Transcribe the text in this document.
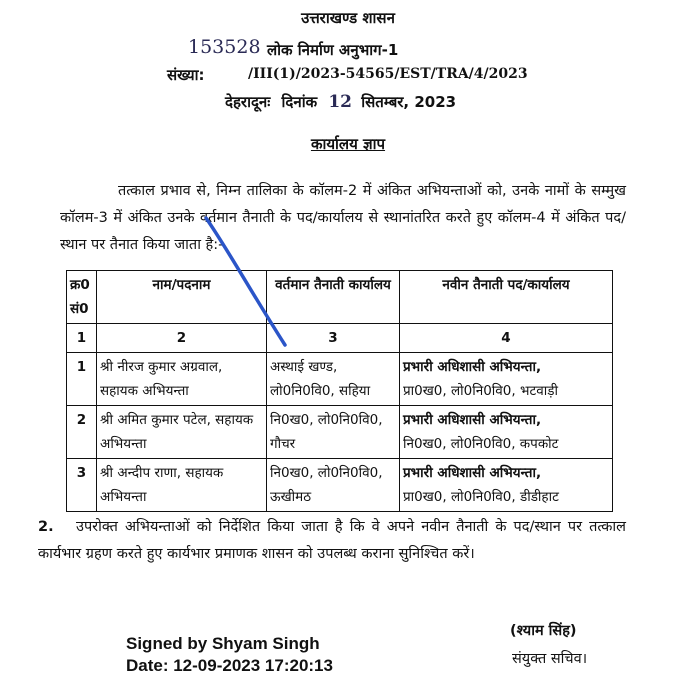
उत्तराखण्ड शासन
153528 लोक निर्माण अनुभाग-1
संख्या:	/III(1)/2023-54565/EST/TRA/4/2023
देहरादूनः दिनांक 12 सितम्बर, 2023
कार्यालय ज्ञाप
तत्काल प्रभाव से, निम्न तालिका के कॉलम-2 में अंकित अभियन्ताओं को, उनके नामों के सम्मुख कॉलम-3 में अंकित उनके वर्तमान तैनाती के पद/कार्यालय से स्थानांतरित करते हुए कॉलम-4 में अंकित पद/स्थान पर तैनात किया जाता है:-
क्र0 सं0	नाम/पदनाम	वर्तमान तैनाती कार्यालय	नवीन तैनाती पद/कार्यालय
1	2	3	4
1	श्री नीरज कुमार अग्रवाल, सहायक अभियन्ता	अस्थाई खण्ड, लो0नि0वि0, सहिया	प्रभारी अधिशासी अभियन्ता,
प्रा0ख0, लो0नि0वि0, भटवाड़ी

2	श्री अमित कुमार पटेल, सहायक अभियन्ता	नि0ख0, लो0नि0वि0, गौचर	प्रभारी अधिशासी अभियन्ता,
नि0ख0, लो0नि0वि0, कपकोट

3	श्री अन्दीप राणा, सहायक अभियन्ता	नि0ख0, लो0नि0वि0, ऊखीमठ	प्रभारी अधिशासी अभियन्ता,
प्रा0ख0, लो0नि0वि0, डीडीहाट
2.	उपरोक्त अभियन्ताओं को निर्देशित किया जाता है कि वे अपने नवीन तैनाती के पद/स्थान पर तत्काल कार्यभार ग्रहण करते हुए कार्यभार प्रमाणक शासन को उपलब्ध कराना सुनिश्चित करें।
Signed by Shyam Singh
Date: 12-09-2023 17:20:13
(श्याम सिंह)
संयुक्त सचिव।
